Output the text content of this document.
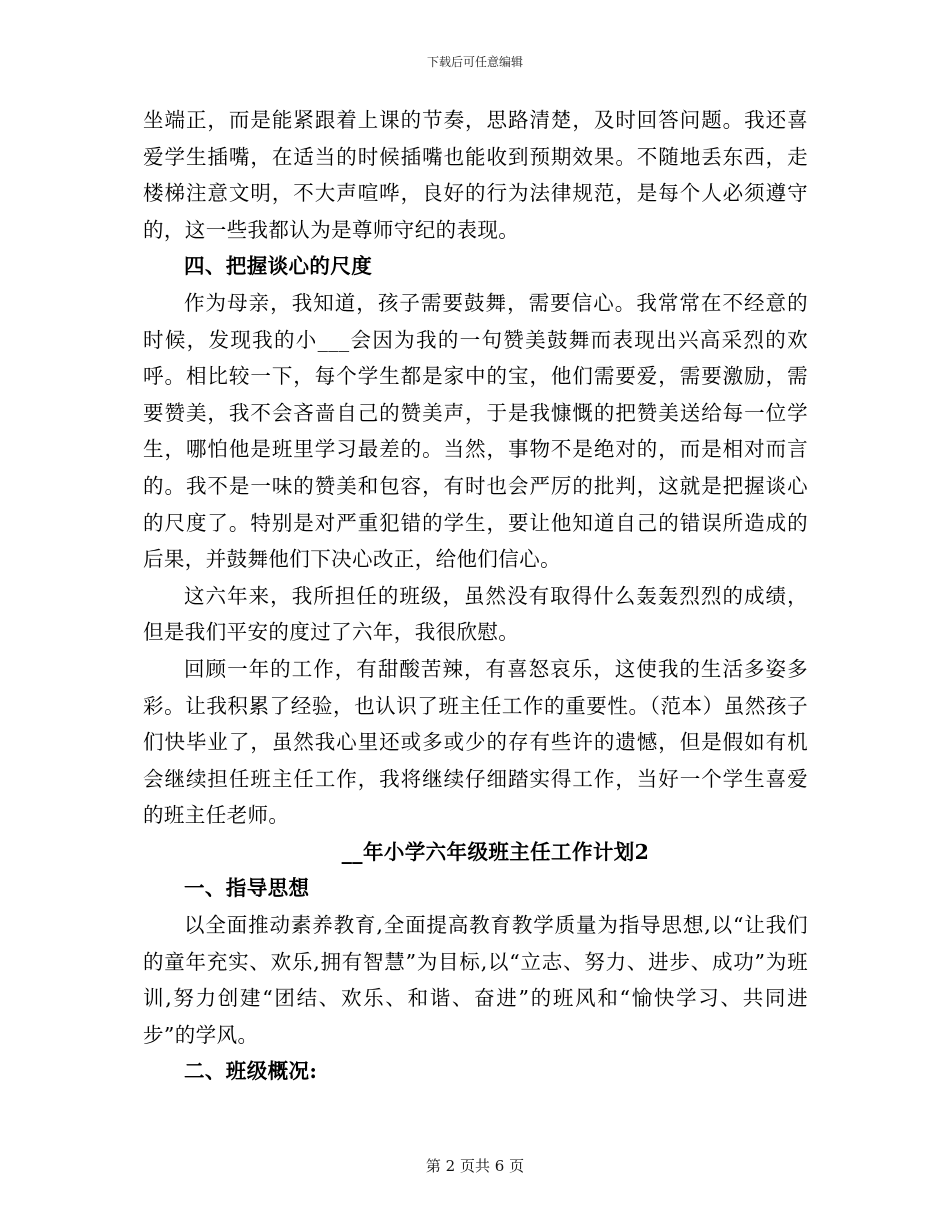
下载后可任意编辑

坐端正，而是能紧跟着上课的节奏，思路清楚，及时回答问题。我还喜爱学生插嘴，在适当的时候插嘴也能收到预期效果。不随地丢东西，走楼梯注意文明，不大声喧哗，良好的行为法律规范，是每个人必须遵守的，这一些我都认为是尊师守纪的表现。

四、把握谈心的尺度

作为母亲，我知道，孩子需要鼓舞，需要信心。我常常在不经意的时候，发现我的小___会因为我的一句赞美鼓舞而表现出兴高采烈的欢呼。相比较一下，每个学生都是家中的宝，他们需要爱，需要激励，需要赞美，我不会吝啬自己的赞美声，于是我慷慨的把赞美送给每一位学生，哪怕他是班里学习最差的。当然，事物不是绝对的，而是相对而言的。我不是一味的赞美和包容，有时也会严厉的批判，这就是把握谈心的尺度了。特别是对严重犯错的学生，要让他知道自己的错误所造成的后果，并鼓舞他们下决心改正，给他们信心。

这六年来，我所担任的班级，虽然没有取得什么轰轰烈烈的成绩，但是我们平安的度过了六年，我很欣慰。

回顾一年的工作，有甜酸苦辣，有喜怒哀乐，这使我的生活多姿多彩。让我积累了经验，也认识了班主任工作的重要性。（范本）虽然孩子们快毕业了，虽然我心里还或多或少的存有些许的遗憾，但是假如有机会继续担任班主任工作，我将继续仔细踏实得工作，当好一个学生喜爱的班主任老师。

__年小学六年级班主任工作计划2
一、指导思想

以全面推动素养教育,全面提高教育教学质量为指导思想,以“让我们的童年充实、欢乐,拥有智慧”为目标,以“立志、努力、进步、成功”为班训,努力创建“团结、欢乐、和谐、奋进”的班风和“愉快学习、共同进步”的学风。

二、班级概况:
第 2 页共 6 页
